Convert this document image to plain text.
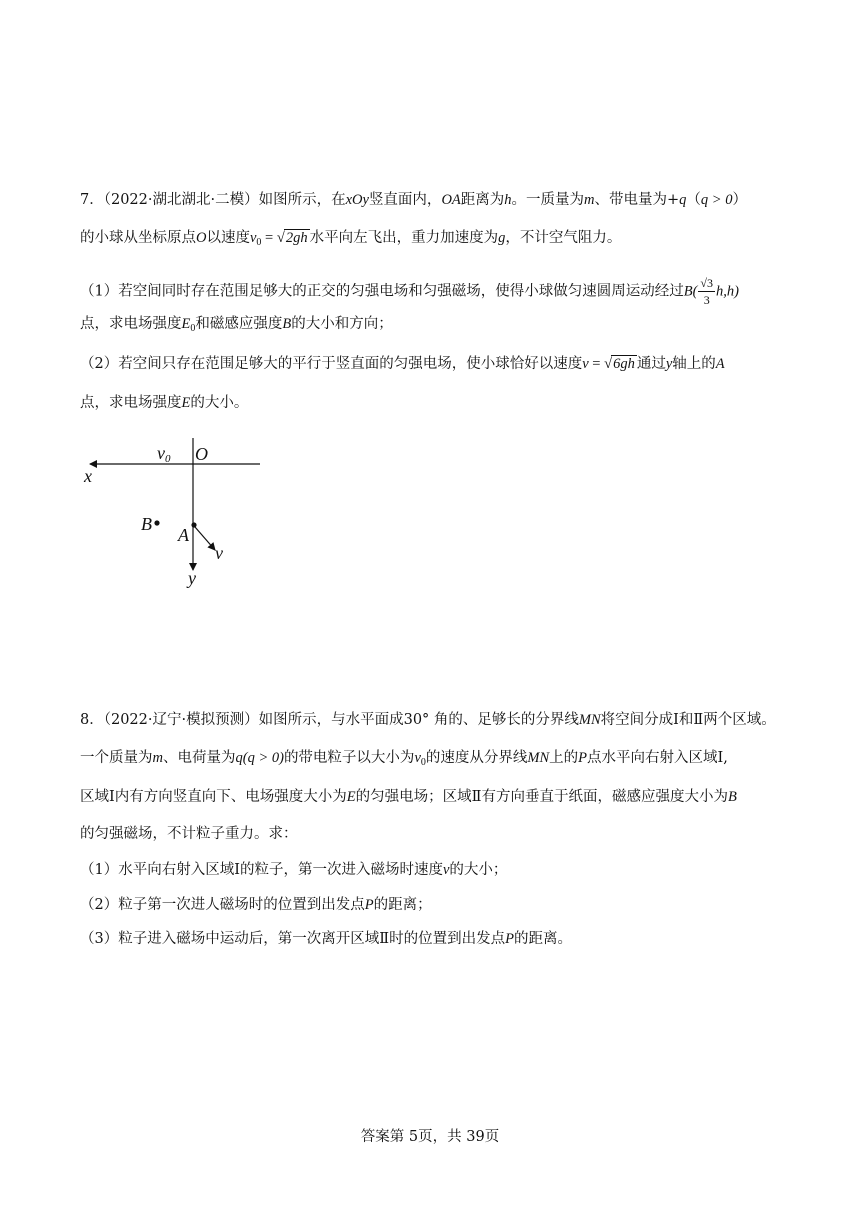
7．（2022·湖北湖北·二模）如图所示，在xOy竖直面内，OA距离为h。一质量为m、带电量为+q（q > 0）
的小球从坐标原点O以速度$v_0 = √2gh$ 水平向左飞出，重力加速度为g，不计空气阻力。
（1）若空间同时存在范围足够大的正交的匀强电场和匀强磁场，使得小球做匀速圆周运动经过$B( \frac{√3}{3} h,h)$
点，求电场强度$E_0$和磁感应强度B的大小和方向；
（2）若空间只存在范围足够大的平行于竖直面的匀强电场，使小球恰好以速度v = √6gh 通过y轴上的A
点，求电场强度E的大小。
v0 O
x
B
A
v
y
8．（2022·辽宁·模拟预测）如图所示，与水平面成30° 角的、足够长的分界线MN将空间分成Ⅰ和Ⅱ两个区域。
一个质量为m、电荷量为q(q > 0)的带电粒子以大小为$v_0$的速度从分界线MN上的P点水平向右射入区域Ⅰ,
区域Ⅰ内有方向竖直向下、电场强度大小为E的匀强电场；区域Ⅱ有方向垂直于纸面，磁感应强度大小为B
的匀强磁场，不计粒子重力。求：
（1）水平向右射入区域Ⅰ的粒子，第一次进入磁场时速度v的大小；
（2）粒子第一次进人磁场时的位置到出发点P的距离；
（3）粒子进入磁场中运动后，第一次离开区域Ⅱ时的位置到出发点P的距离。
答案第 5页，共 39页
